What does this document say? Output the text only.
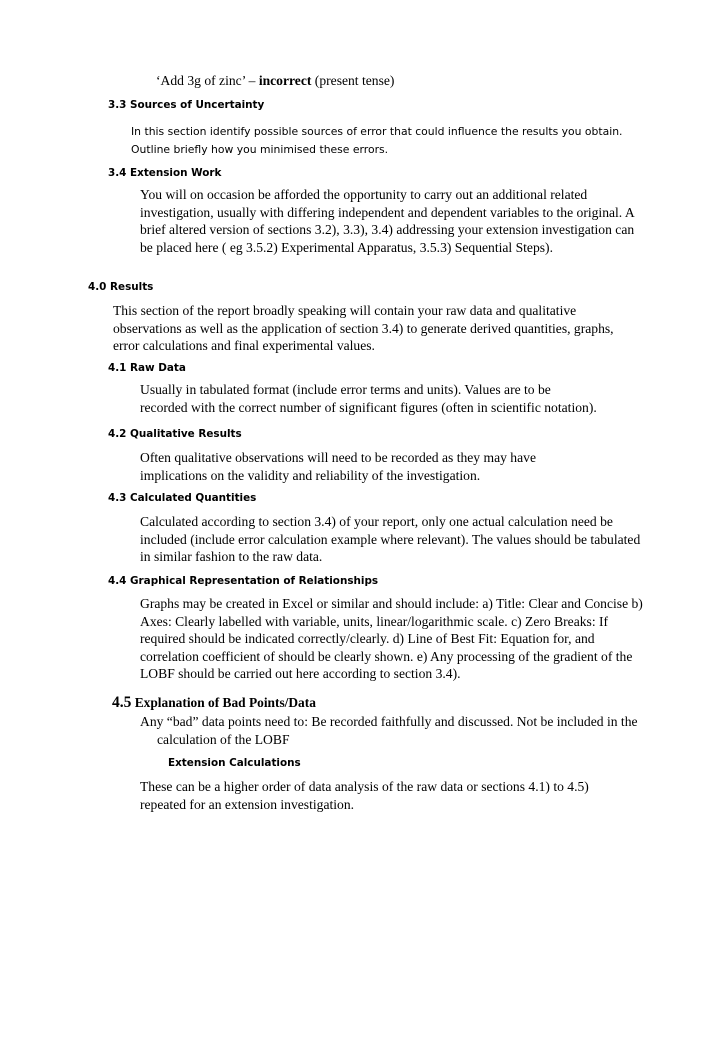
‘Add 3g of zinc’ – incorrect (present tense)
3.3 Sources of Uncertainty
In this section identify possible sources of error that could influence the results you obtain.
Outline briefly how you minimised these errors.
3.4 Extension Work
You will on occasion be afforded the opportunity to carry out an additional related
investigation, usually with differing independent and dependent variables to the original. A
brief altered version of sections 3.2), 3.3), 3.4) addressing your extension investigation can
be placed here ( eg 3.5.2) Experimental Apparatus, 3.5.3) Sequential Steps).
4.0 Results
This section of the report broadly speaking will contain your raw data and qualitative
observations as well as the application of section 3.4) to generate derived quantities, graphs,
error calculations and final experimental values.
4.1 Raw Data
Usually in tabulated format (include error terms and units). Values are to be
recorded with the correct number of significant figures (often in scientific notation).
4.2 Qualitative Results
Often qualitative observations will need to be recorded as they may have
implications on the validity and reliability of the investigation.
4.3 Calculated Quantities
Calculated according to section 3.4) of your report, only one actual calculation need be
included (include error calculation example where relevant). The values should be tabulated
in similar fashion to the raw data.
4.4 Graphical Representation of Relationships
Graphs may be created in Excel or similar and should include: a) Title: Clear and Concise b)
Axes: Clearly labelled with variable, units, linear/logarithmic scale. c) Zero Breaks: If
required should be indicated correctly/clearly. d) Line of Best Fit: Equation for, and
correlation coefficient of should be clearly shown. e) Any processing of the gradient of the
LOBF should be carried out here according to section 3.4).
4.5 Explanation of Bad Points/Data
Any “bad” data points need to: Be recorded faithfully and discussed. Not be included in the
calculation of the LOBF
Extension Calculations
These can be a higher order of data analysis of the raw data or sections 4.1) to 4.5)
repeated for an extension investigation.
